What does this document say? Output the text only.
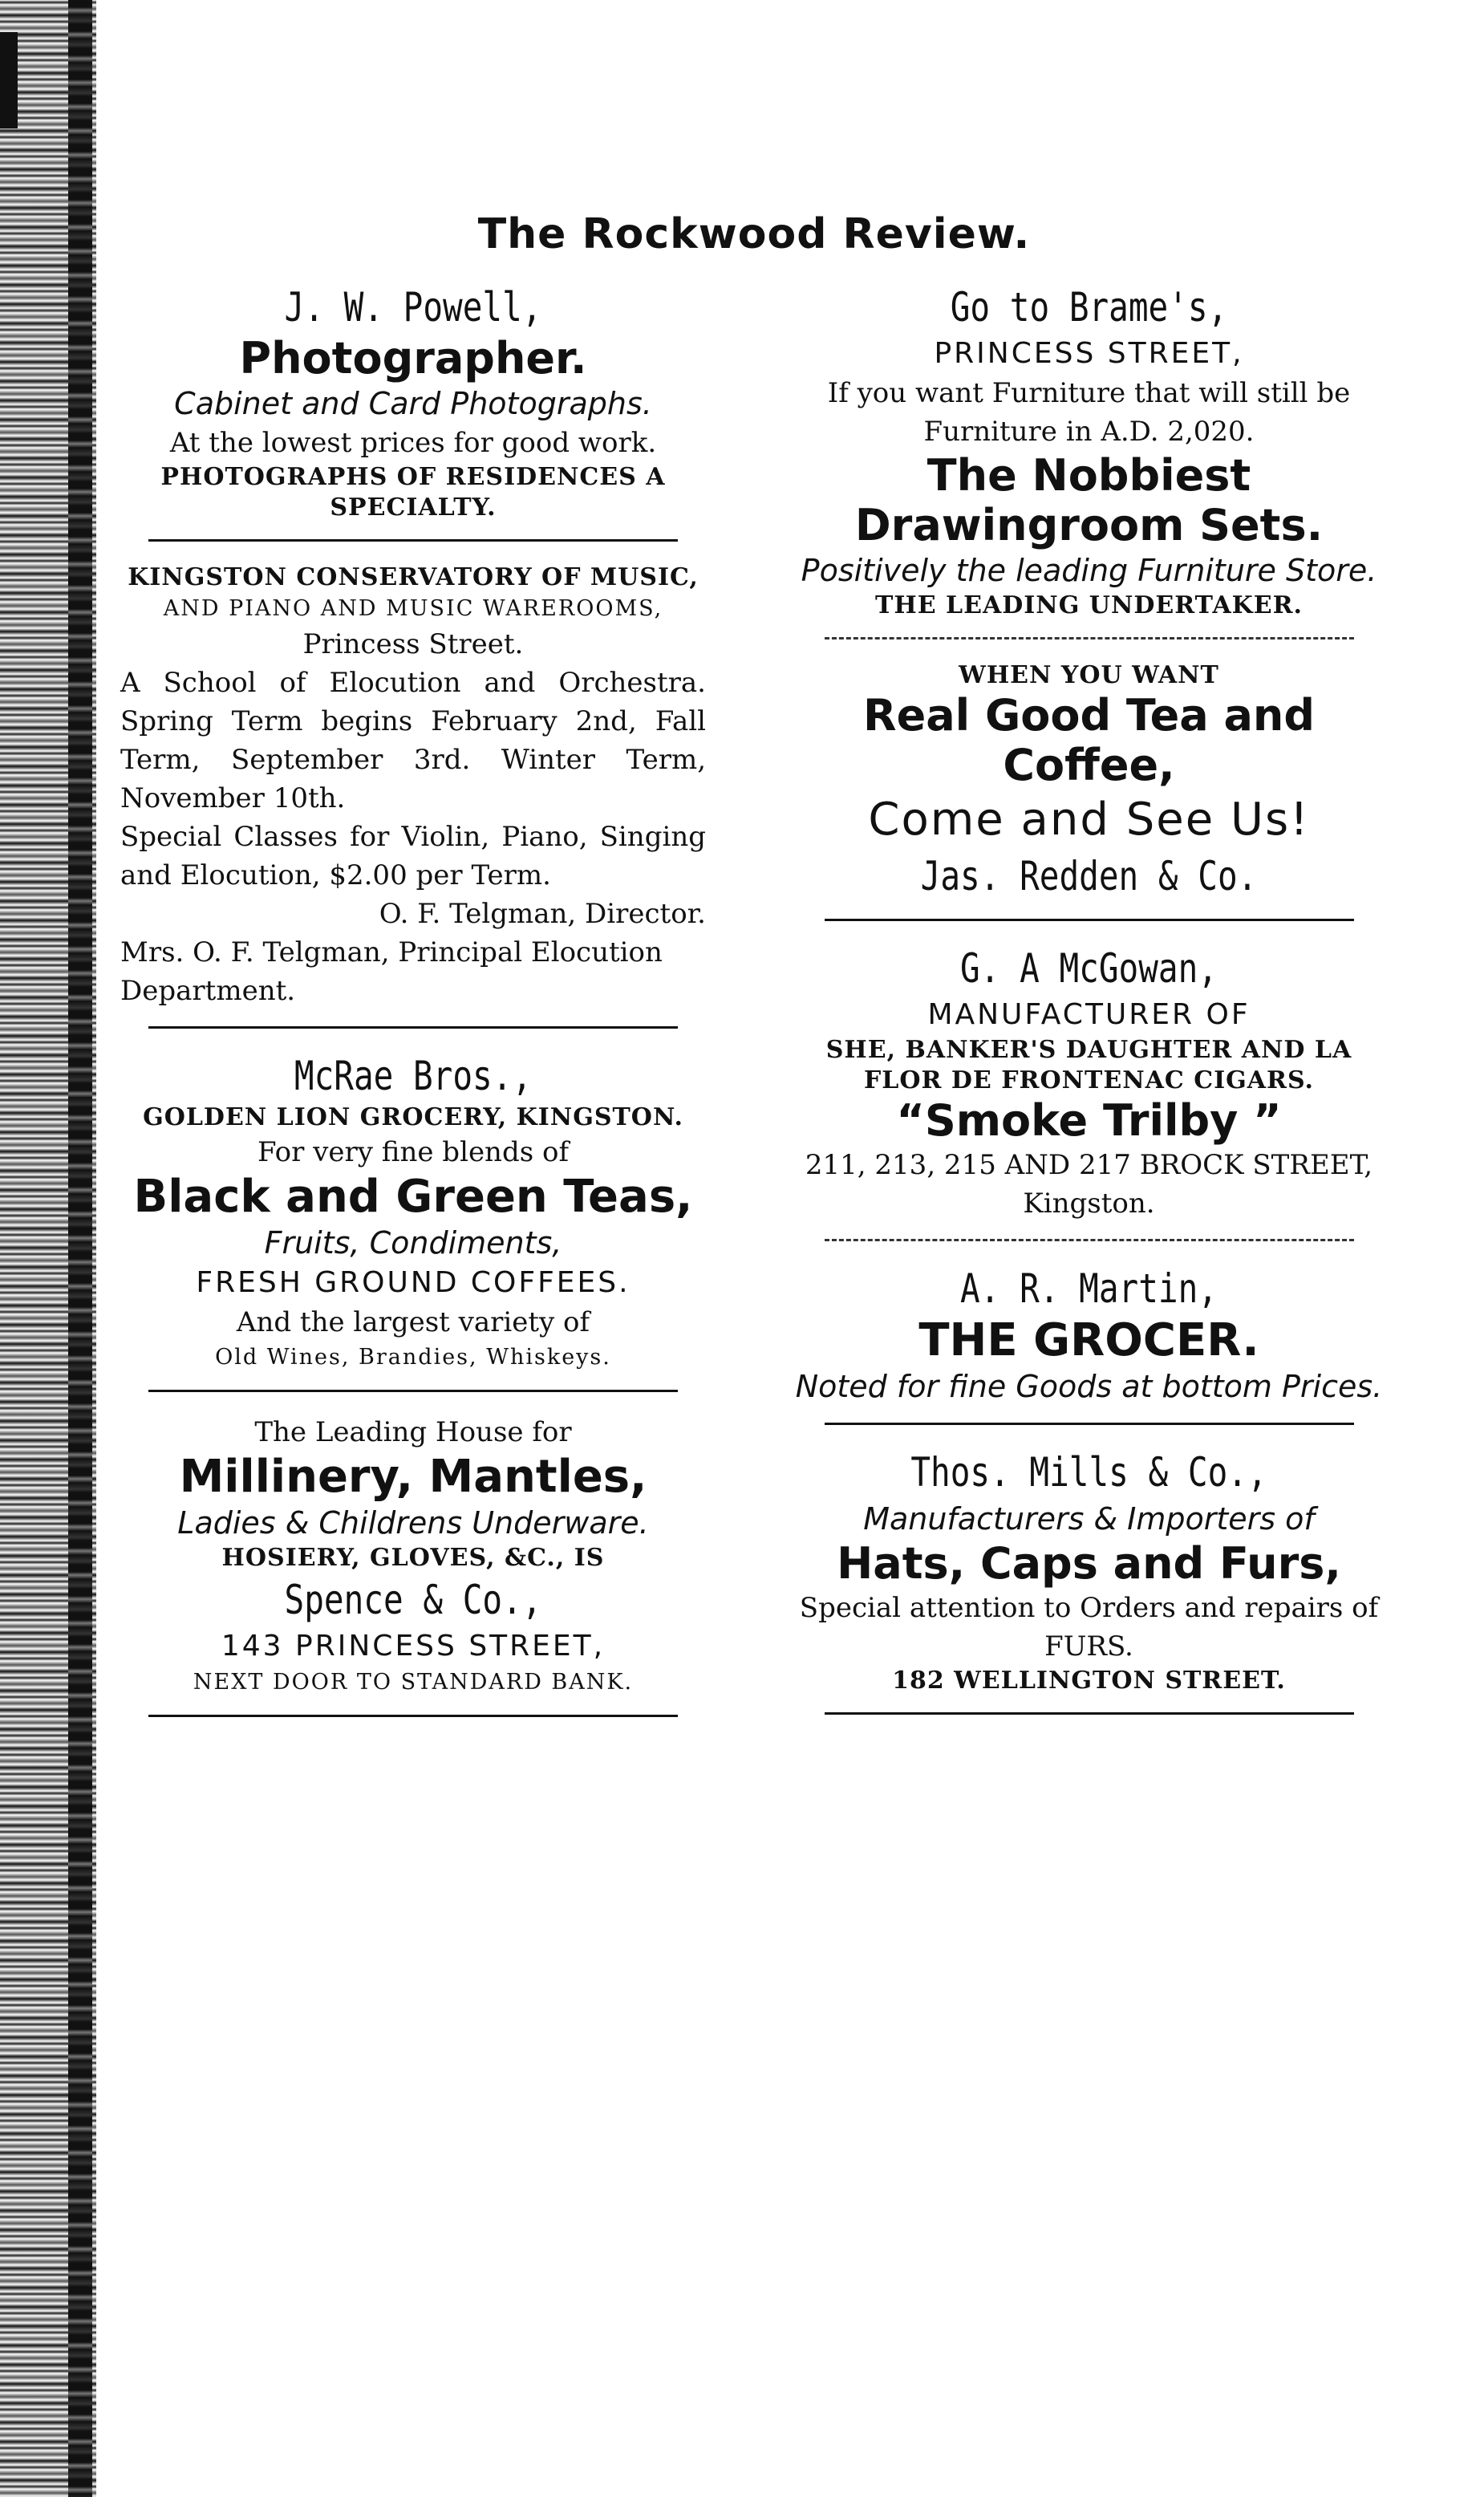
The Rockwood Review.
J. W. Powell,
Photographer.
Cabinet and Card Photographs.
At the lowest prices for good work.
PHOTOGRAPHS OF RESIDENCES A SPECIALTY.
KINGSTON CONSERVATORY OF MUSIC,
AND PIANO AND MUSIC WAREROOMS,
Princess Street.
A School of Elocution and Orchestra. Spring Term begins February 2nd, Fall Term, September 3rd. Winter Term, November 10th.
Special Classes for Violin, Piano, Singing and Elocution, $2.00 per Term.
O. F. Telgman, Director.
Mrs. O. F. Telgman, Principal Elocution Department.
McRae Bros.,
GOLDEN LION GROCERY, KINGSTON.
For very fine blends of
Black and Green Teas,
Fruits, Condiments,
FRESH GROUND COFFEES.
And the largest variety of
Old Wines, Brandies, Whiskeys.
The Leading House for
Millinery, Mantles,
Ladies & Childrens Underware.
HOSIERY, GLOVES, &C., IS
Spence & Co.,
143 PRINCESS STREET,
NEXT DOOR TO STANDARD BANK.
Go to Brame's,
PRINCESS STREET,
If you want Furniture that will still be Furniture in A.D. 2,020.
The Nobbiest Drawingroom Sets.
Positively the leading Furniture Store.
THE LEADING UNDERTAKER.
WHEN YOU WANT
Real Good Tea and Coffee,
Come and See Us!
Jas. Redden & Co.
G. A McGowan,
MANUFACTURER OF
SHE, BANKER'S DAUGHTER AND LA FLOR DE FRONTENAC CIGARS.
“Smoke Trilby ”
211, 213, 215 AND 217 BROCK STREET, Kingston.
A. R. Martin,
THE GROCER.
Noted for fine Goods at bottom Prices.
Thos. Mills & Co.,
Manufacturers & Importers of
Hats, Caps and Furs,
Special attention to Orders and repairs of FURS.
182 WELLINGTON STREET.
